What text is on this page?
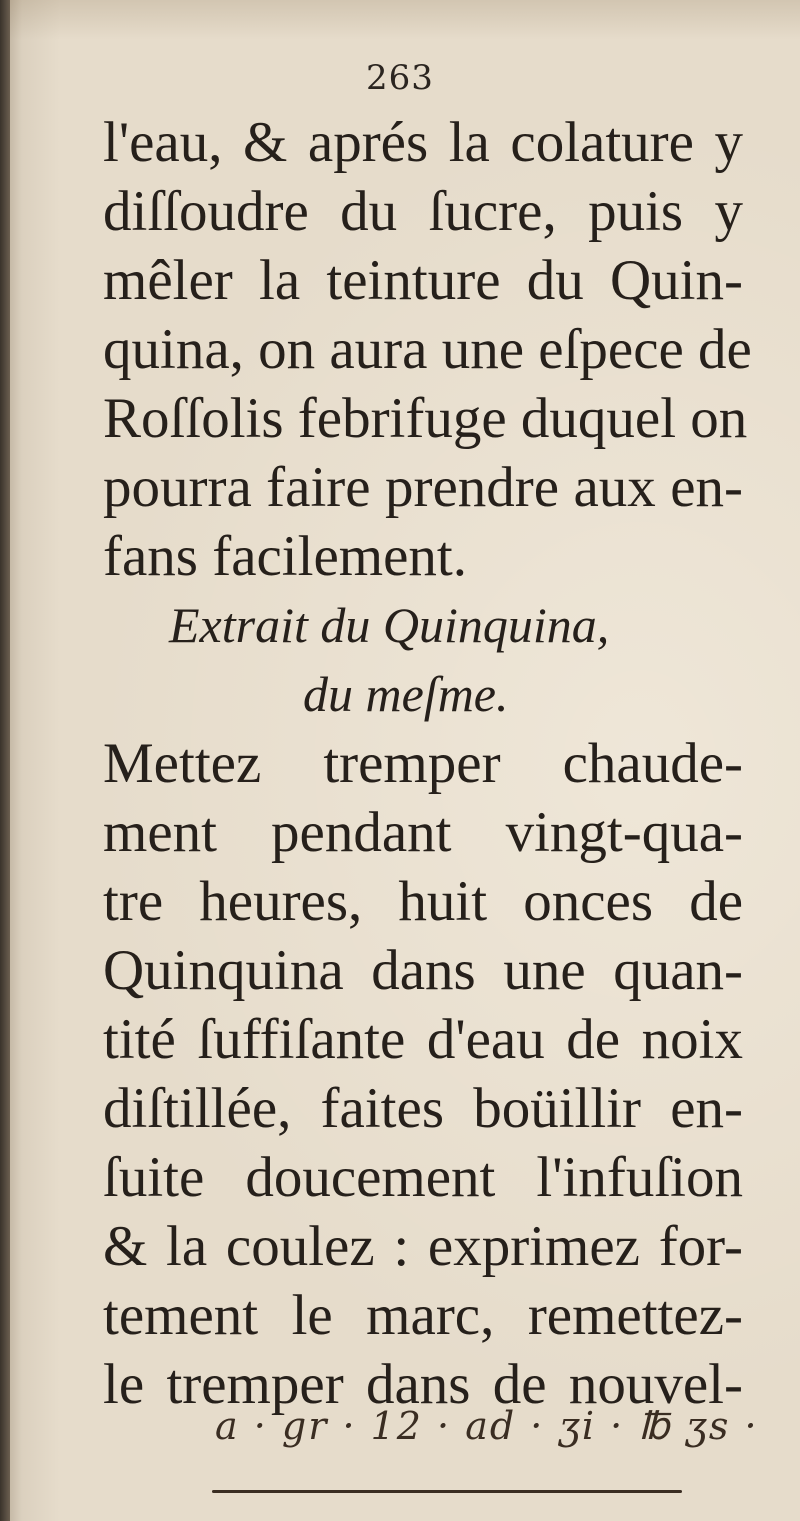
263
l'eau, & aprés la colature y
diſſoudre du ſucre, puis y
mêler la teinture du Quin-
quina, on aura une eſpece de
Roſſolis febrifuge duquel on
pourra faire prendre aux en-
fans facilement.
Extrait du Quinquina,
du meſme.
Mettez tremper chaude-
ment pendant vingt-qua-
tre heures, huit onces de
Quinquina dans une quan-
tité ſuffiſante d'eau de noix
diſtillée, faites boüillir en-
ſuite doucement l'infuſion
& la coulez : exprimez for-
tement le marc, remettez-
le tremper dans de nouvel-
a · gr · 12 · ad · ʒi · ℔ ʒs ·
